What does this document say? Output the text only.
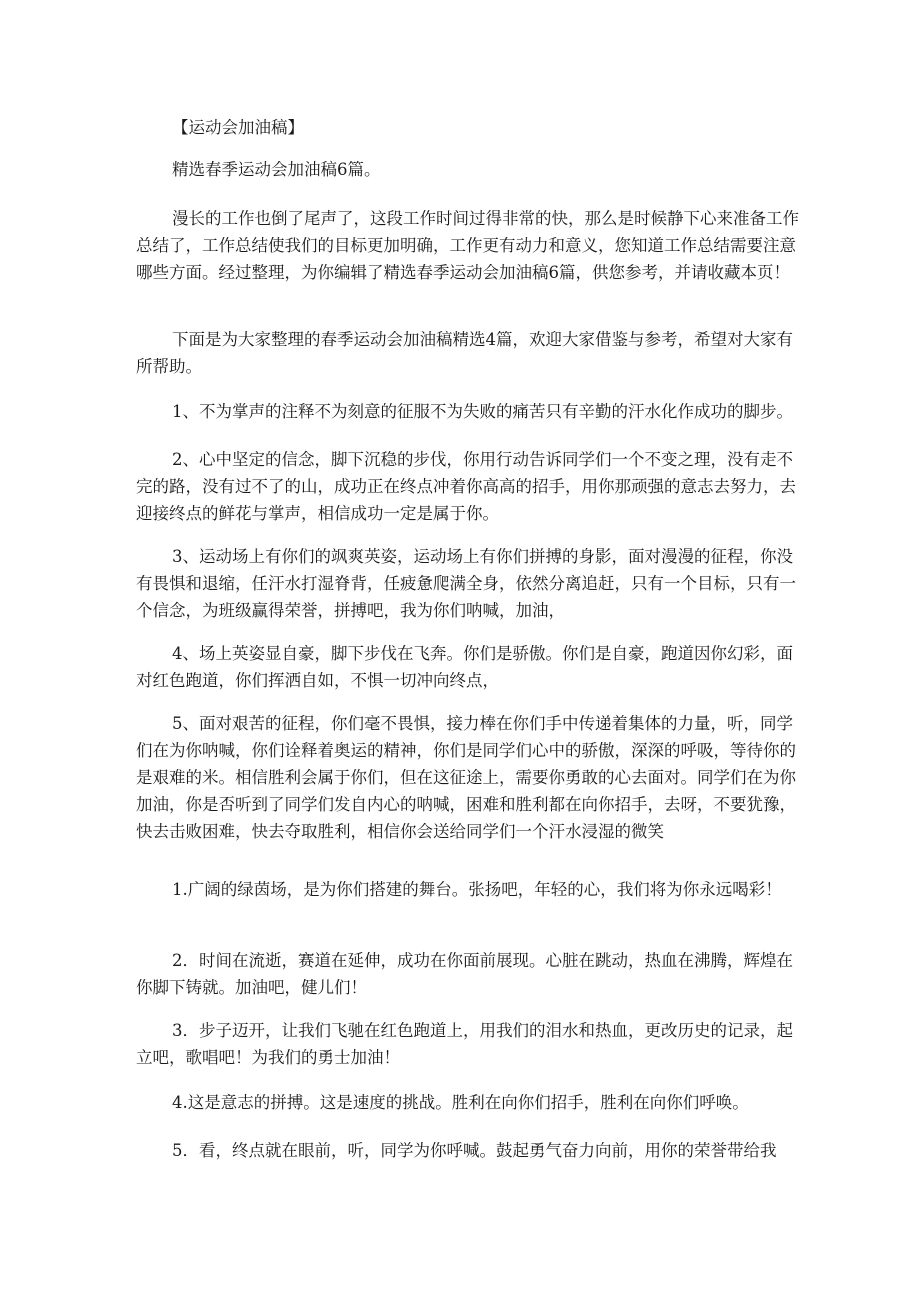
【运动会加油稿】

精选春季运动会加油稿6篇。

漫长的工作也倒了尾声了，这段工作时间过得非常的快，那么是时候静下心来准备工作总结了，工作总结使我们的目标更加明确，工作更有动力和意义，您知道工作总结需要注意哪些方面。经过整理，为你编辑了精选春季运动会加油稿6篇，供您参考，并请收藏本页！

下面是为大家整理的春季运动会加油稿精选4篇，欢迎大家借鉴与参考，希望对大家有所帮助。

1、不为掌声的注释不为刻意的征服不为失败的痛苦只有辛勤的汗水化作成功的脚步。

2、心中坚定的信念，脚下沉稳的步伐，你用行动告诉同学们一个不变之理，没有走不完的路，没有过不了的山，成功正在终点冲着你高高的招手，用你那顽强的意志去努力，去迎接终点的鲜花与掌声，相信成功一定是属于你。

3、运动场上有你们的飒爽英姿，运动场上有你们拼搏的身影，面对漫漫的征程，你没有畏惧和退缩，任汗水打湿脊背，任疲惫爬满全身，依然分离追赶，只有一个目标，只有一个信念，为班级赢得荣誉，拼搏吧，我为你们呐喊，加油，

4、场上英姿显自豪，脚下步伐在飞奔。你们是骄傲。你们是自豪，跑道因你幻彩，面对红色跑道，你们挥洒自如，不惧一切冲向终点，

5、面对艰苦的征程，你们毫不畏惧，接力棒在你们手中传递着集体的力量，听，同学们在为你呐喊，你们诠释着奥运的精神，你们是同学们心中的骄傲，深深的呼吸，等待你的是艰难的米。相信胜利会属于你们，但在这征途上，需要你勇敢的心去面对。同学们在为你加油，你是否听到了同学们发自内心的呐喊，困难和胜利都在向你招手，去呀，不要犹豫，快去击败困难，快去夺取胜利，相信你会送给同学们一个汗水浸湿的微笑

1.广阔的绿茵场，是为你们搭建的舞台。张扬吧，年轻的心，我们将为你永远喝彩！

2．时间在流逝，赛道在延伸，成功在你面前展现。心脏在跳动，热血在沸腾，辉煌在你脚下铸就。加油吧，健儿们！

3．步子迈开，让我们飞驰在红色跑道上，用我们的泪水和热血，更改历史的记录，起立吧，歌唱吧！为我们的勇士加油！

4.这是意志的拼搏。这是速度的挑战。胜利在向你们招手，胜利在向你们呼唤。

5．看，终点就在眼前，听，同学为你呼喊。鼓起勇气奋力向前，用你的荣誉带给我
